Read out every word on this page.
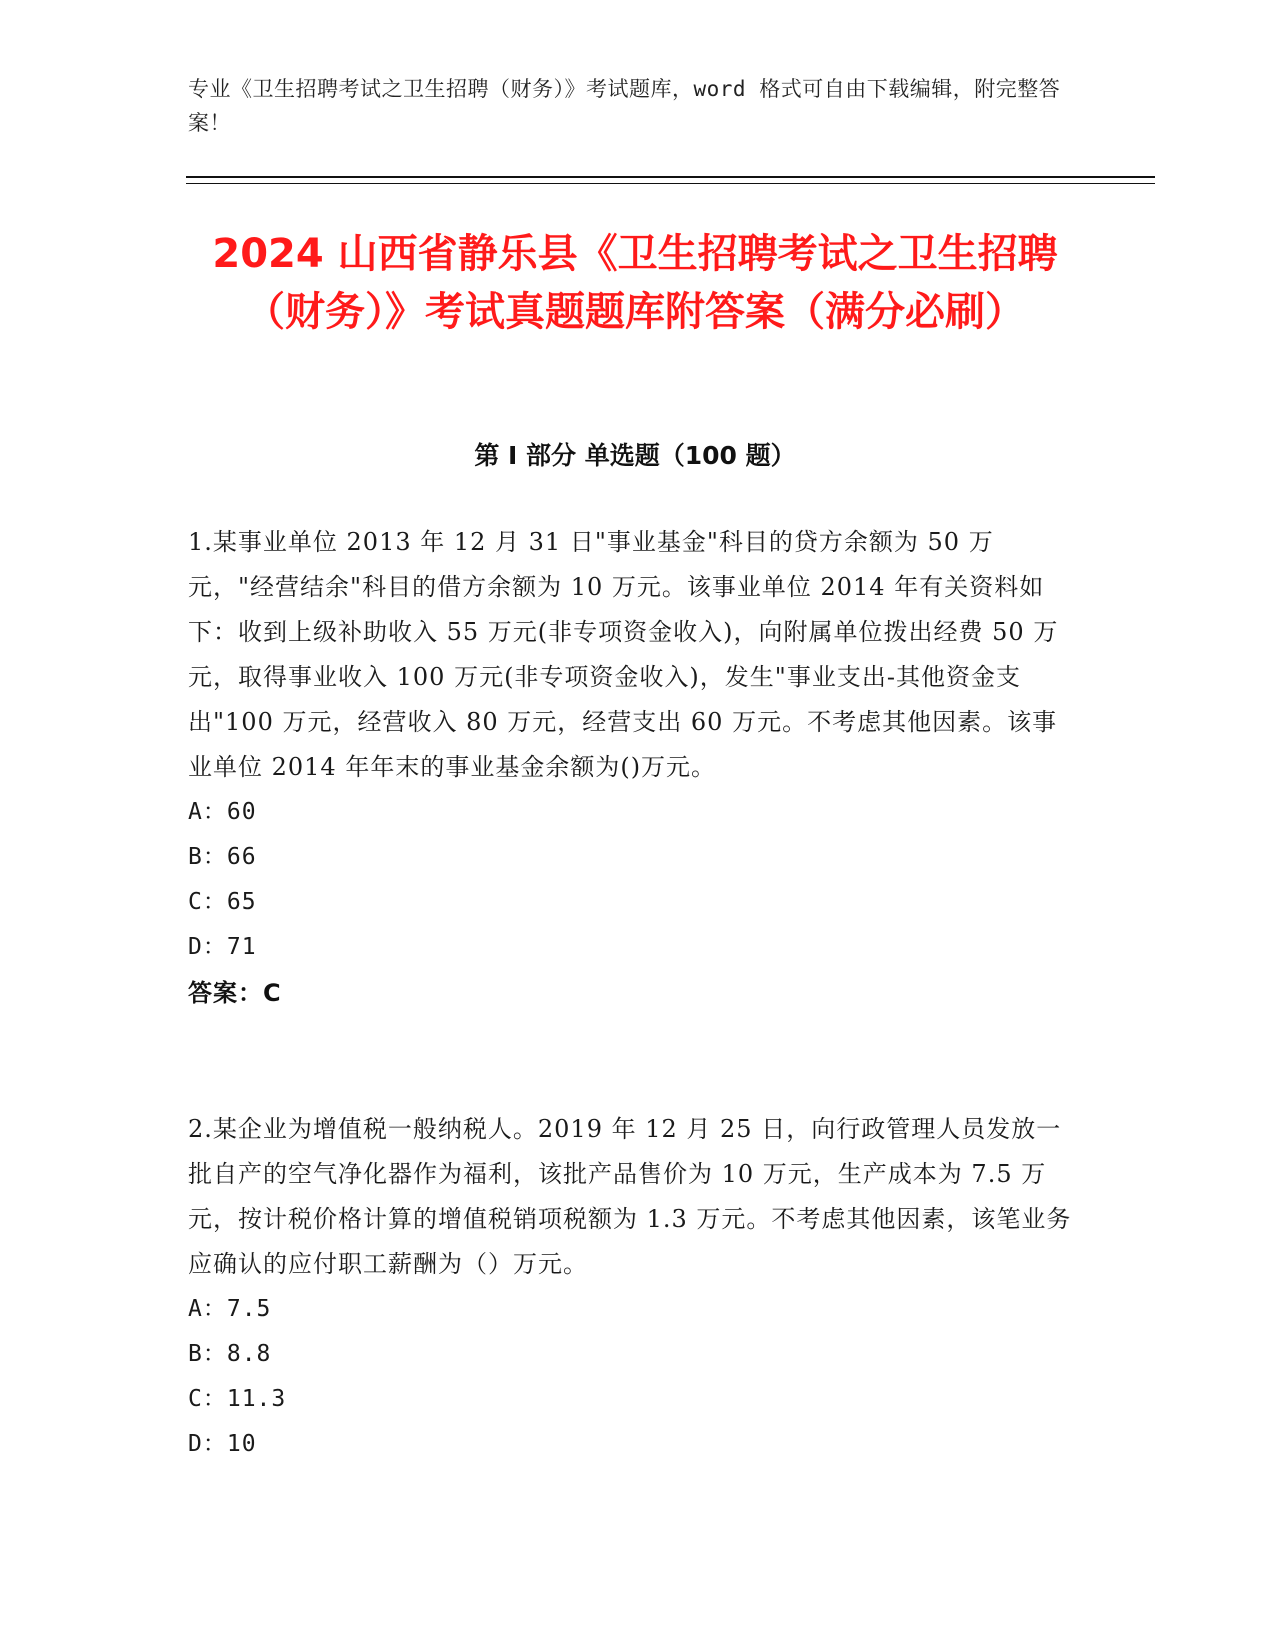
专业《卫生招聘考试之卫生招聘（财务）》考试题库，word 格式可自由下载编辑，附完整答案！
2024 山西省静乐县《卫生招聘考试之卫生招聘（财务）》考试真题题库附答案（满分必刷）
第 I 部分 单选题（100 题）

1.某事业单位 2013 年 12 月 31 日"事业基金"科目的贷方余额为 50 万元，"经营结余"科目的借方余额为 10 万元。该事业单位 2014 年有关资料如下：收到上级补助收入 55 万元(非专项资金收入)，向附属单位拨出经费 50 万元，取得事业收入 100 万元(非专项资金收入)，发生"事业支出-其他资金支出"100 万元，经营收入 80 万元，经营支出 60 万元。不考虑其他因素。该事业单位 2014 年年末的事业基金余额为()万元。

A：60

B：66

C：65

D：71

答案：C

2.某企业为增值税一般纳税人。2019 年 12 月 25 日，向行政管理人员发放一批自产的空气净化器作为福利，该批产品售价为 10 万元，生产成本为 7.5 万元，按计税价格计算的增值税销项税额为 1.3 万元。不考虑其他因素，该笔业务应确认的应付职工薪酬为（）万元。

A：7.5

B：8.8

C：11.3

D：10
